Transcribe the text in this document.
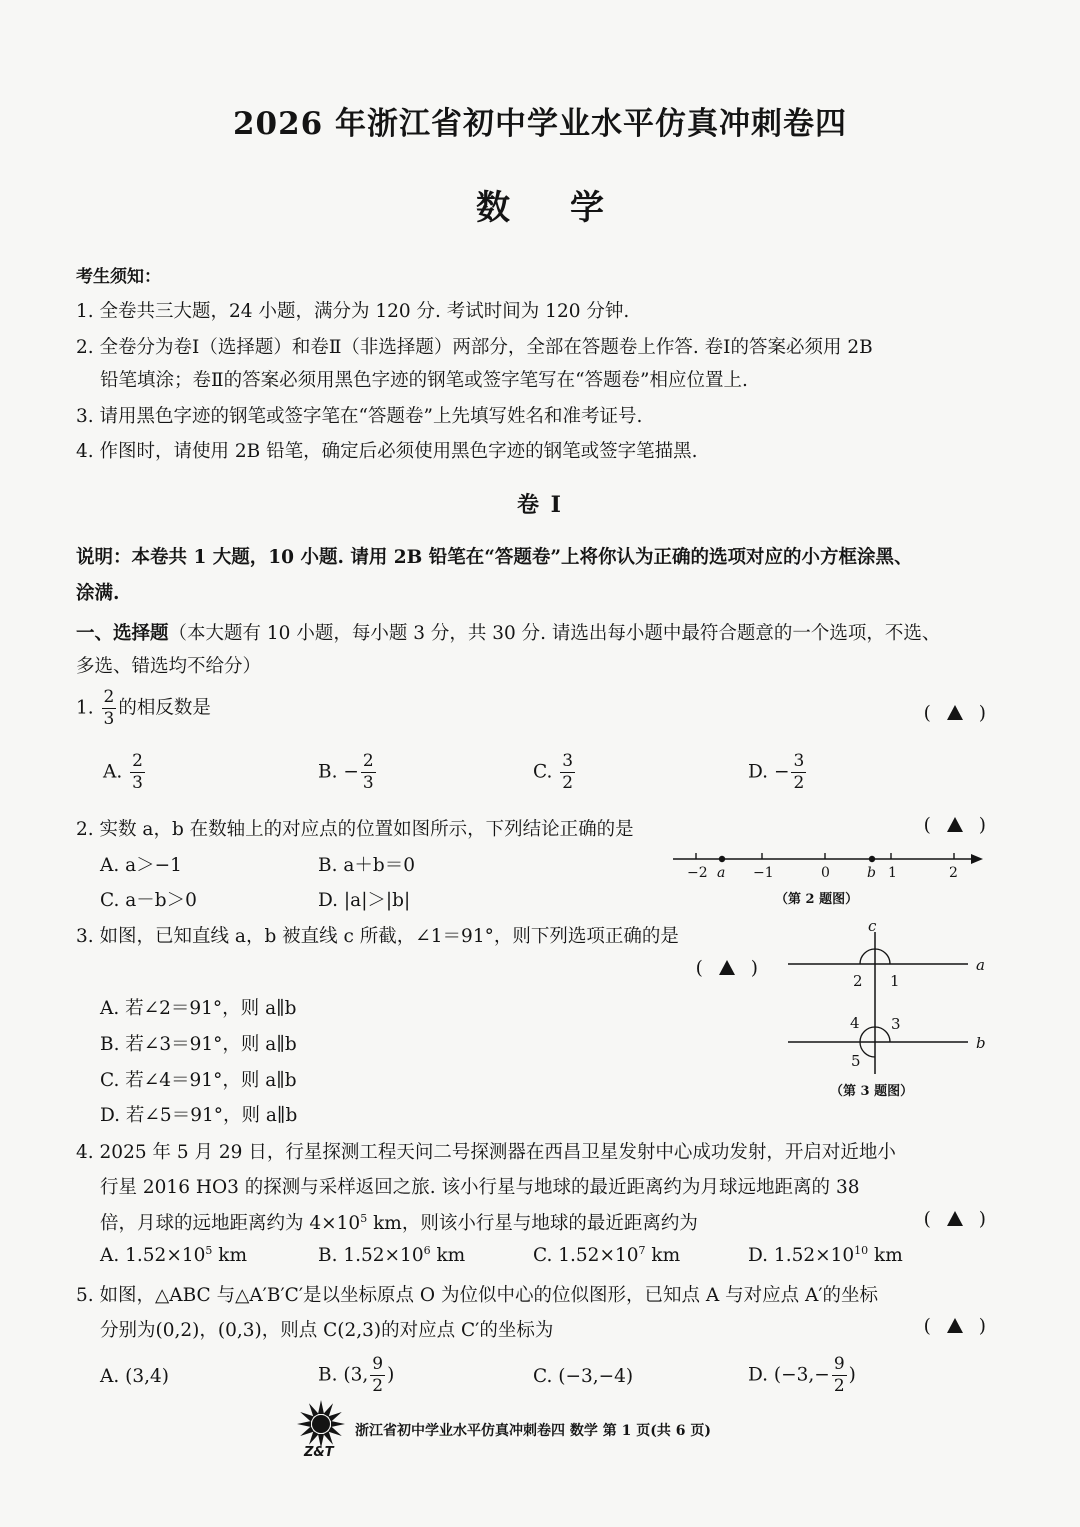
2026 年浙江省初中学业水平仿真冲刺卷四
数学
考生须知：
1. 全卷共三大题，24 小题，满分为 120 分. 考试时间为 120 分钟.
2. 全卷分为卷Ⅰ（选择题）和卷Ⅱ（非选择题）两部分，全部在答题卷上作答. 卷Ⅰ的答案必须用 2B
铅笔填涂；卷Ⅱ的答案必须用黑色字迹的钢笔或签字笔写在“答题卷”相应位置上.
3. 请用黑色字迹的钢笔或签字笔在“答题卷”上先填写姓名和准考证号.
4. 作图时，请使用 2B 铅笔，确定后必须使用黑色字迹的钢笔或签字笔描黑.
卷 Ⅰ
说明：本卷共 1 大题，10 小题. 请用 2B 铅笔在“答题卷”上将你认为正确的选项对应的小方框涂黑、
涂满.
一、选择题（本大题有 10 小题，每小题 3 分，共 30 分. 请选出每小题中最符合题意的一个选项，不选、
多选、错选均不给分）
1. $\frac{2}{3}$ 的相反数是	(	)
A. $\frac{2}{3}$	B. − $\frac{2}{3}$	C. $\frac{3}{2}$	D. − $\frac{3}{2}$
2. 实数 a，b 在数轴上的对应点的位置如图所示，下列结论正确的是	(	)
A. a＞−1	B. a＋b＝0
C. a－b＞0	D. |a|＞|b|
−2 a −1	0	b 1	2
（第 2 题图）
3. 如图，已知直线 a，b 被直线 c 所截，∠1＝91°，则下列选项正确的是
(	)
A. 若∠2＝91°，则 a∥b
B. 若∠3＝91°，则 a∥b
C. 若∠4＝91°，则 a∥b
D. 若∠5＝91°，则 a∥b
c
a
b
1
2
3
4
5
（第 3 题图）
4. 2025 年 5 月 29 日，行星探测工程天问二号探测器在西昌卫星发射中心成功发射，开启对近地小
行星 2016 HO3 的探测与采样返回之旅. 该小行星与地球的最近距离约为月球远地距离的 38
倍，月球的远地距离约为 $4\times 10^5$ km，则该小行星与地球的最近距离约为	(	)
A. $1.52\times 10^5$ km	B. $1.52\times 10^6$ km	C. $1.52\times 10^7$ km	D. $1.52\times 10^{10}$ km
5. 如图，△ABC 与△A′B′C′是以坐标原点 O 为位似中心的位似图形，已知点 A 与对应点 A′的坐标
分别为(0,2)，(0,3)，则点 C(2,3)的对应点 C′的坐标为	(	)
A. (3,4)	B. (3, $\frac{9}{2}$ )	C. (−3,−4)	D. ($-3,- \frac{9}{2}$ )
Z&T
浙江省初中学业水平仿真冲刺卷四 数学 第 1 页(共 6 页)
